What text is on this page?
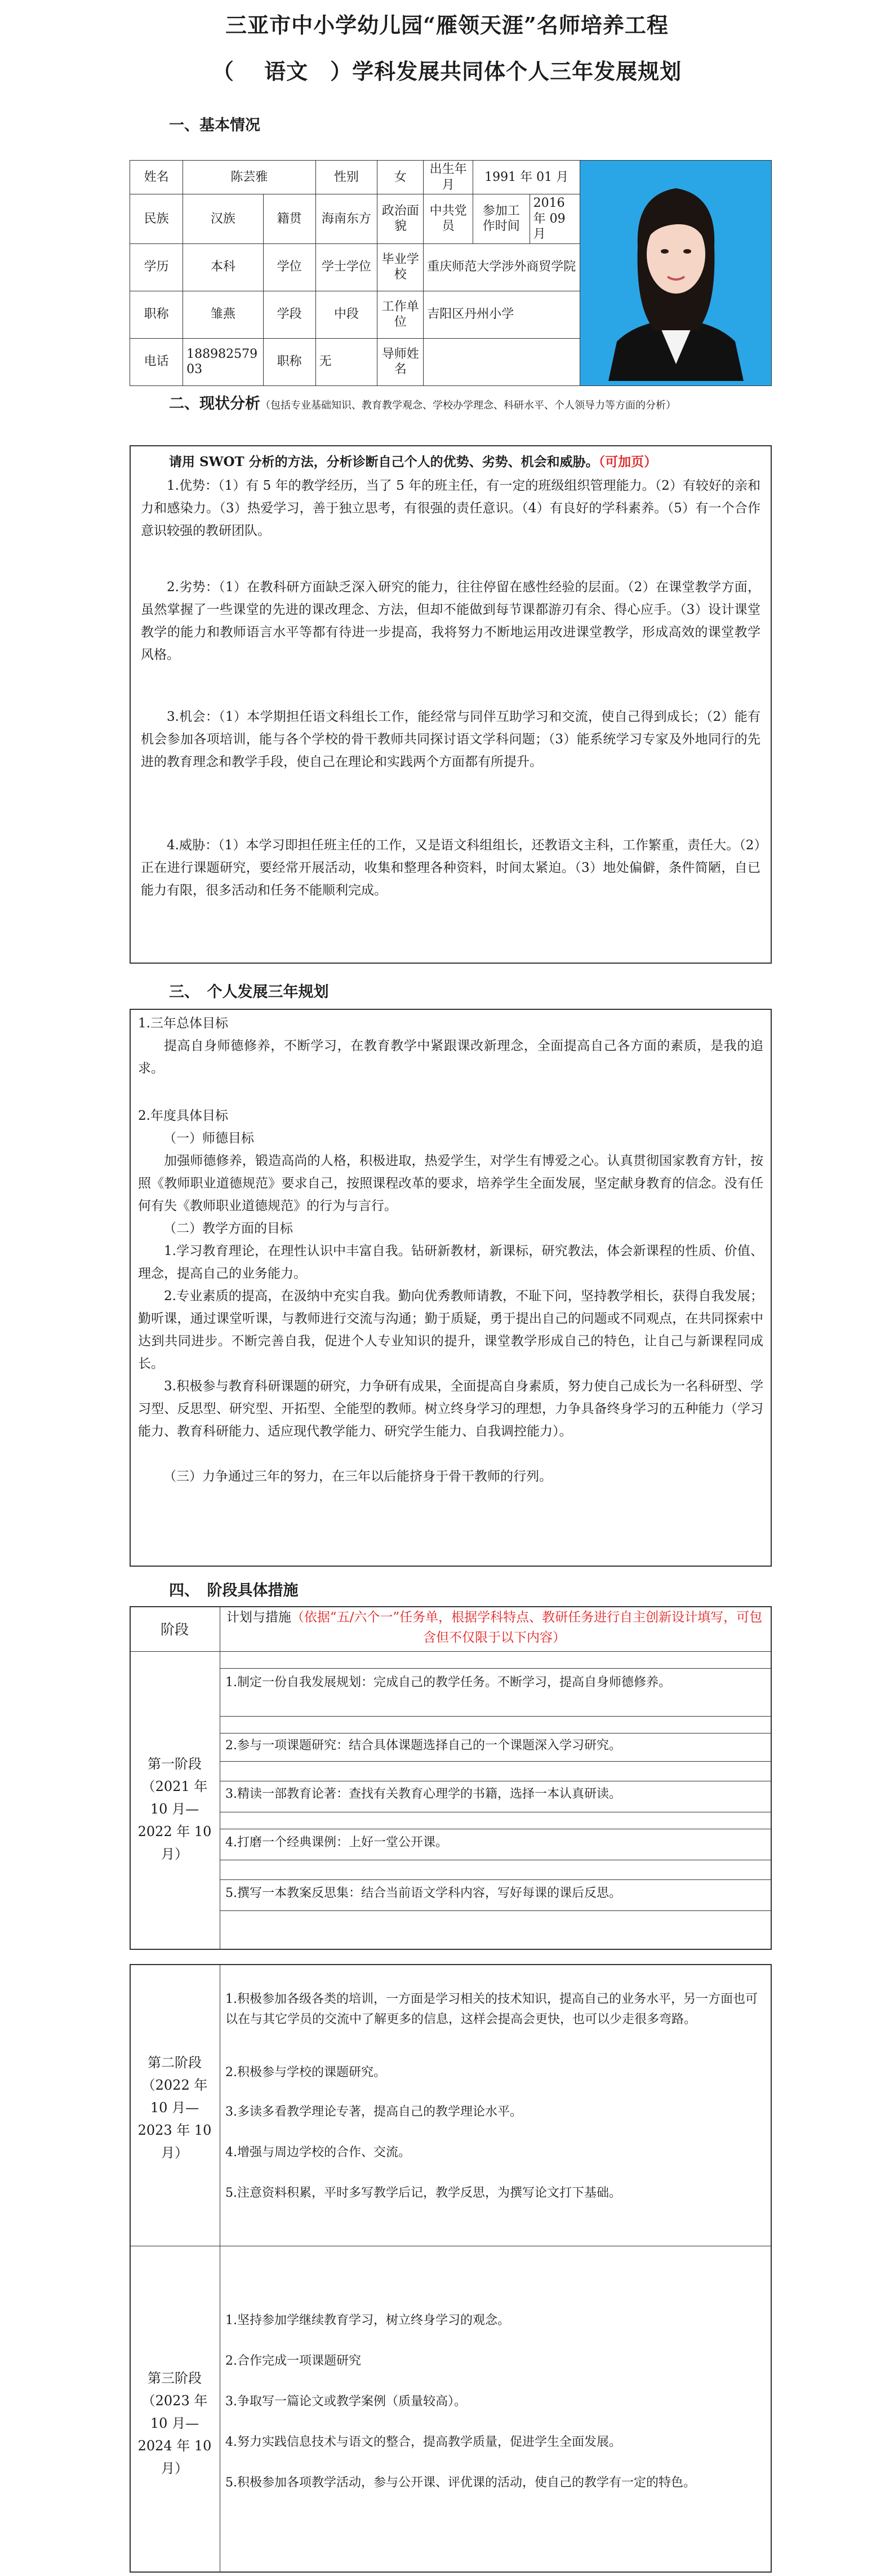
三亚市中小学幼儿园“雁领天涯”名师培养工程
（　 语文　）学科发展共同体个人三年发展规划
一、基本情况
姓名	陈芸雅		性别	女	出生年月	1991 年 01 月	
民族	汉族	籍贯	海南东方	政治面貌	中共党员	参加工作时间	2016 年 09 月	
学历	本科	学位	学士学位	毕业学校	重庆师范大学涉外商贸学院			
职称	雏燕	学段	中段	工作单位	吉阳区丹州小学			
电话	18898257903	职称	无	导师姓名				
二、现状分析（包括专业基础知识、教育教学观念、学校办学理念、科研水平、个人领导力等方面的分析）
请用 SWOT 分析的方法，分析诊断自己个人的优势、劣势、机会和威胁。（可加页）
1.优势：（1）有 5 年的教学经历，当了 5 年的班主任，有一定的班级组织管理能力。（2）有较好的亲和力和感染力。（3）热爱学习，善于独立思考，有很强的责任意识。（4）有良好的学科素养。（5）有一个合作意识较强的教研团队。
2.劣势：（1）在教科研方面缺乏深入研究的能力，往往停留在感性经验的层面。（2）在课堂教学方面，虽然掌握了一些课堂的先进的课改理念、方法，但却不能做到每节课都游刃有余、得心应手。（3）设计课堂教学的能力和教师语言水平等都有待进一步提高，我将努力不断地运用改进课堂教学，形成高效的课堂教学风格。
3.机会：（1）本学期担任语文科组长工作，能经常与同伴互助学习和交流，使自己得到成长；（2）能有机会参加各项培训，能与各个学校的骨干教师共同探讨语文学科问题；（3）能系统学习专家及外地同行的先进的教育理念和教学手段，使自己在理论和实践两个方面都有所提升。
4.威胁：（1）本学习即担任班主任的工作，又是语文科组组长，还教语文主科，工作繁重，责任大。（2）正在进行课题研究，要经常开展活动，收集和整理各种资料，时间太紧迫。（3）地处偏僻，条件简陋，自已能力有限，很多活动和任务不能顺利完成。
三、　个人发展三年规划
1.三年总体目标
提高自身师德修养，不断学习，在教育教学中紧跟课改新理念，全面提高自己各方面的素质，是我的追求。
2.年度具体目标
（一）师德目标
加强师德修养，锻造高尚的人格，积极进取，热爱学生，对学生有博爱之心。认真贯彻国家教育方针，按照《教师职业道德规范》要求自己，按照课程改革的要求，培养学生全面发展，坚定献身教育的信念。没有任何有失《教师职业道德规范》的行为与言行。
（二）教学方面的目标
1.学习教育理论，在理性认识中丰富自我。钻研新教材，新课标，研究教法，体会新课程的性质、价值、理念，提高自己的业务能力。
2.专业素质的提高，在汲纳中充实自我。勤向优秀教师请教，不耻下问，坚持教学相长，获得自我发展；勤听课，通过课堂听课，与教师进行交流与沟通；勤于质疑，勇于提出自己的问题或不同观点，在共同探索中达到共同进步。不断完善自我，促进个人专业知识的提升，课堂教学形成自己的特色，让自己与新课程同成长。
3.积极参与教育科研课题的研究，力争研有成果，全面提高自身素质，努力使自己成长为一名科研型、学习型、反思型、研究型、开拓型、全能型的教师。树立终身学习的理想，力争具备终身学习的五种能力（学习能力、教育科研能力、适应现代教学能力、研究学生能力、自我调控能力）。
（三）力争通过三年的努力，在三年以后能挤身于骨干教师的行列。
四、　阶段具体措施
阶段
计划与措施（依据“五/六个一”任务单，根据学科特点、教研任务进行自主创新设计填写，可包含但不仅限于以下内容）
第一阶段（2021 年 10 月—2022 年 10 月）
1.制定一份自我发展规划：完成自己的教学任务。不断学习，提高自身师德修养。
2.参与一项课题研究：结合具体课题选择自己的一个课题深入学习研究。
3.精读一部教育论著：查找有关教育心理学的书籍，选择一本认真研读。
4.打磨一个经典课例：上好一堂公开课。
5.撰写一本教案反思集：结合当前语文学科内容，写好每课的课后反思。
第二阶段（2022 年 10 月—2023 年 10 月）
1.积极参加各级各类的培训，一方面是学习相关的技术知识，提高自己的业务水平，另一方面也可以在与其它学员的交流中了解更多的信息，这样会提高会更快，也可以少走很多弯路。
2.积极参与学校的课题研究。
3.多读多看教学理论专著，提高自己的教学理论水平。
4.增强与周边学校的合作、交流。
5.注意资料积累，平时多写教学后记，教学反思，为撰写论文打下基础。
第三阶段（2023 年 10 月—2024 年 10 月）
1.坚持参加学继续教育学习，树立终身学习的观念。
2.合作完成一项课题研究
3.争取写一篇论文或教学案例（质量较高）。
4.努力实践信息技术与语文的整合，提高教学质量，促进学生全面发展。
5.积极参加各项教学活动，参与公开课、评优课的活动，使自己的教学有一定的特色。
